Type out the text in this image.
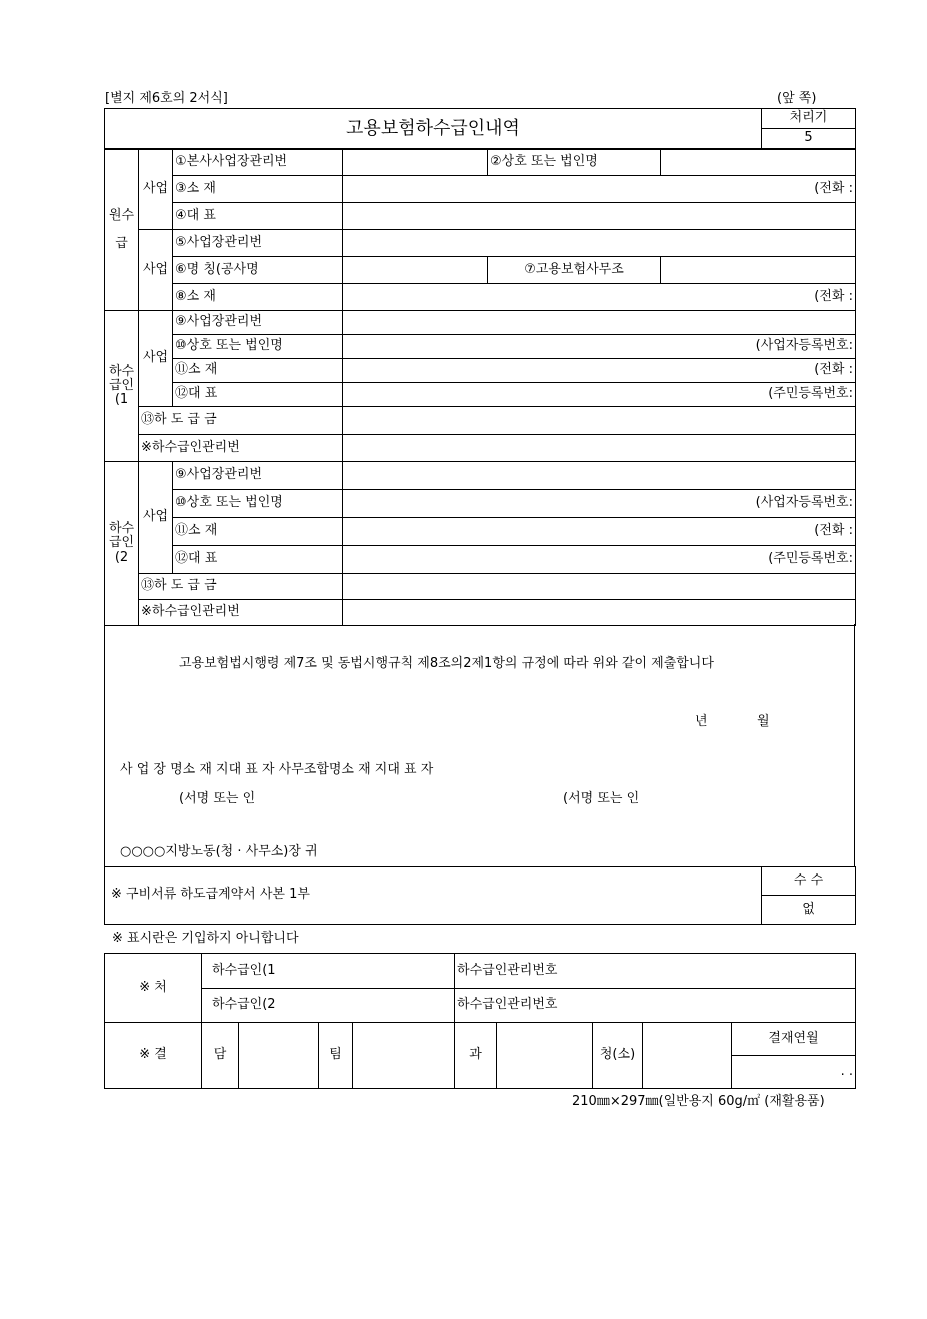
[별지 제6호의 2서식]	(앞 쪽)
고용보험하수급인내역	처리기
5
원수

급	사업	①본사사업장관리번		②상호 또는 법인명	
		③소 재	(전화 :		
		④대 표			
	사업	⑤사업장관리번			
		⑥명 칭(공사명		⑦고용보험사무조	
		⑧소 재	(전화 :		
하수
급인
(1	사업	⑨사업장관리번			
		⑩상호 또는 법인명	(사업자등록번호:		
		⑪소 재	(전화 :		
		⑫대 표	(주민등록번호:		
	⑬하 도 급 금				
	※하수급인관리번				
하수
급인
(2	사업	⑨사업장관리번			
		⑩상호 또는 법인명	(사업자등록번호:		
		⑪소 재	(전화 :		
		⑫대 표	(주민등록번호:		
	⑬하 도 급 금				
	※하수급인관리번				
고용보험법시행령 제7조 및 동법시행규칙 제8조의2제1항의 규정에 따라 위와 같이 제출합니다
년	월
사 업 장 명소 재 지대 표 자 사무조합명소 재 지대 표 자
(서명 또는 인	(서명 또는 인
○○○○지방노동(청 · 사무소)장 귀
※ 구비서류 하도급계약서 사본 1부	수 수
없
※ 표시란은 기입하지 아니합니다
※ 처	하수급인(1				하수급인관리번호				
	하수급인(2				하수급인관리번호				
※ 결	담		팀		과		청(소)		결재연월
									. .
210㎜×297㎜(일반용지 60g/㎡ (재활용품)
